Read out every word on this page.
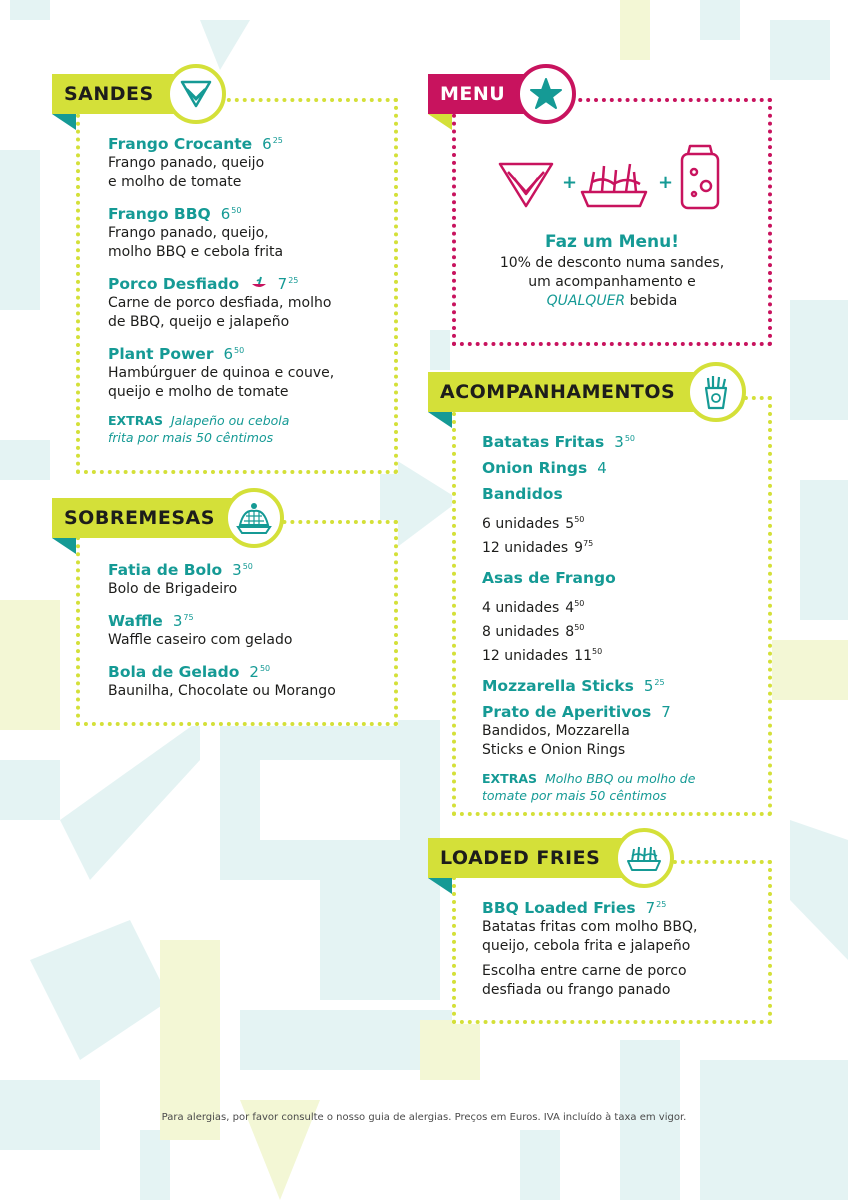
SANDES
Frango Crocante $6^{25}$
Frango panado, queijo
e molho de tomate
Frango BBQ $6^{50}$
Frango panado, queijo,
molho BBQ e cebola frita
Porco Desfiado	$7^{25}$
Carne de porco desfiada, molho
de BBQ, queijo e jalapeño
Plant Power $6^{50}$
Hambúrguer de quinoa e couve,
queijo e molho de tomate
EXTRAS Jalapeño ou cebola
frita por mais 50 cêntimos
MENU
+	+
Faz um Menu!
10% de desconto numa sandes,
um acompanhamento e
QUALQUER bebida
SOBREMESAS
Fatia de Bolo $3^{50}$
Bolo de Brigadeiro
Waffle $3^{75}$
Waffle caseiro com gelado
Bola de Gelado $2^{50}$
Baunilha, Chocolate ou Morango
ACOMPANHAMENTOS
Batatas Fritas $3^{50}$
Onion Rings 4
Bandidos
6 unidades $5^{50}$
12 unidades $9^{75}$
Asas de Frango
4 unidades $4^{50}$
8 unidades $8^{50}$
12 unidades $11^{50}$
Mozzarella Sticks $5^{25}$
Prato de Aperitivos 7
Bandidos, Mozzarella
Sticks e Onion Rings
EXTRAS Molho BBQ ou molho de
tomate por mais 50 cêntimos
LOADED FRIES
BBQ Loaded Fries $7^{25}$
Batatas fritas com molho BBQ,
queijo, cebola frita e jalapeño
Escolha entre carne de porco
desfiada ou frango panado
Para alergias, por favor consulte o nosso guia de alergias. Preços em Euros. IVA incluído à taxa em vigor.
